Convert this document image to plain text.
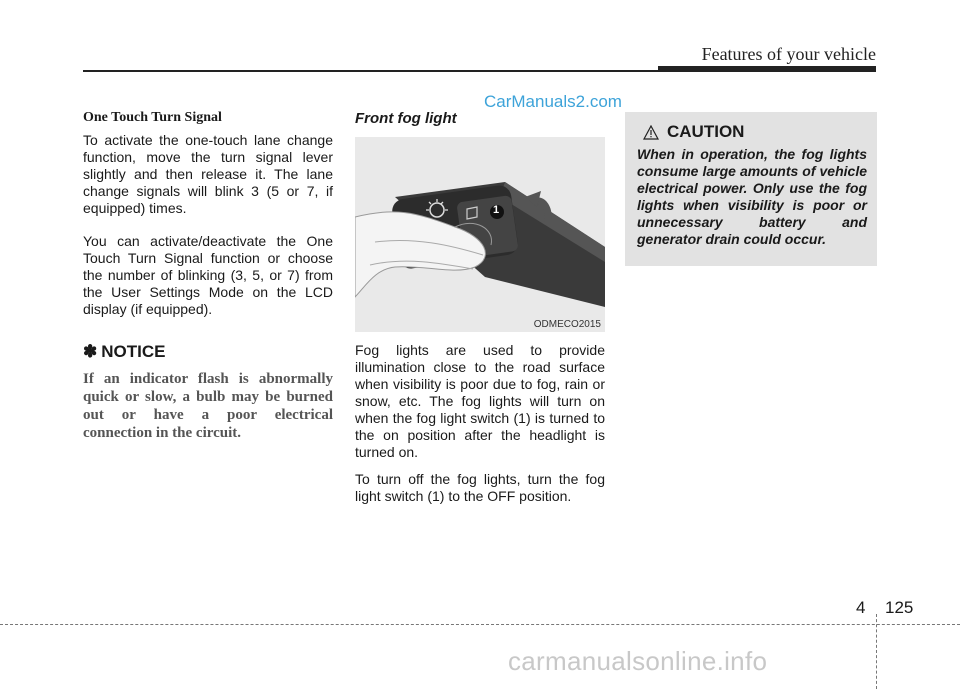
Features of your vehicle
CarManuals2.com

One Touch Turn Signal

To activate the one-touch lane change function, move the turn signal lever slightly and then release it. The lane change signals will blink 3 (5 or 7, if equipped) times.

You can activate/deactivate the One Touch Turn Signal function or choose the number of blinking (3, 5, or 7) from the User Settings Mode on the LCD display (if equipped).

✽ NOTICE

If an indicator flash is abnormally quick or slow, a bulb may be burned out or have a poor electrical connection in the circuit.

Front fog light

1
ODMECO2015

Fog lights are used to provide illumination close to the road surface when visibility is poor due to fog, rain or snow, etc. The fog lights will turn on when the fog light switch (1) is turned to the on position after the headlight is turned on.

To turn off the fog lights, turn the fog light switch (1) to the OFF position.

CAUTION

When in operation, the fog lights consume large amounts of vehicle electrical power. Only use the fog lights when visibility is poor or unnecessary battery and generator drain could occur.

4 125
carmanualsonline.info
